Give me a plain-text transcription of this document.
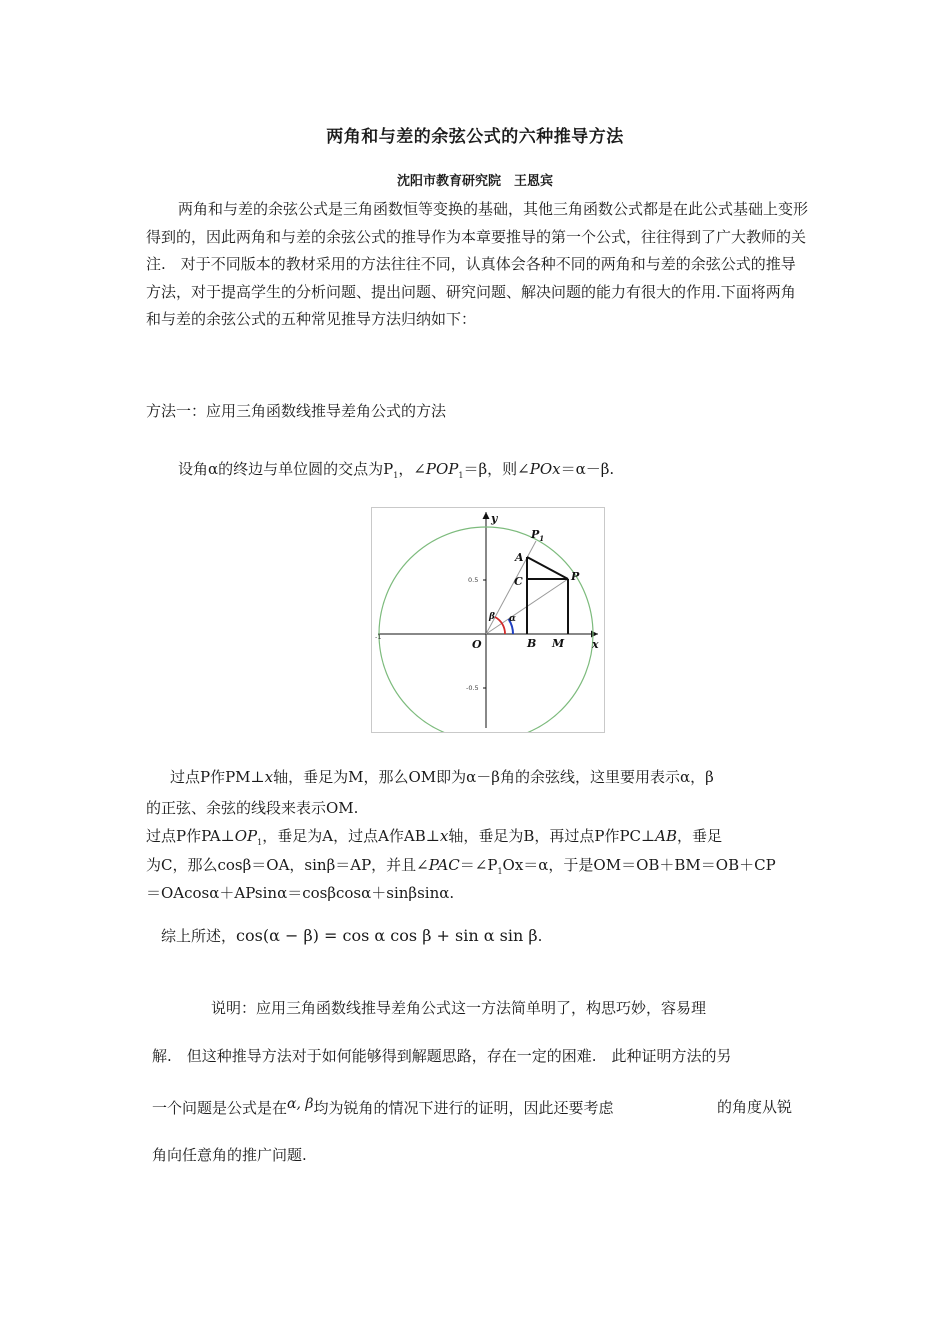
两角和与差的余弦公式的六种推导方法
沈阳市教育研究院　王恩宾
两角和与差的余弦公式是三角函数恒等变换的基础，其他三角函数公式都是在此公式基础上变形得到的，因此两角和与差的余弦公式的推导作为本章要推导的第一个公式，往往得到了广大教师的关注.　对于不同版本的教材采用的方法往往不同，认真体会各种不同的两角和与差的余弦公式的推导方法，对于提高学生的分析问题、提出问题、研究问题、解决问题的能力有很大的作用.下面将两角和与差的余弦公式的五种常见推导方法归纳如下：
方法一：应用三角函数线推导差角公式的方法
设角α的终边与单位圆的交点为$P_1$，$\angle POP_1=\beta$，则∠POx＝α－β.
y
x
O
$P_1$
A
C	P
B M
α
β
0.5
-0.5
-1
过点P作PM⊥x轴，垂足为M，那么OM即为α－β角的余弦线，这里要用表示α，β
的正弦、余弦的线段来表示OM.
过点P作$PA\perp OP_1$，垂足为A，过点A作AB⊥x轴，垂足为B，再过点P作PC⊥AB，垂足
为C，那么cosβ＝OA，sinβ＝AP，并且$\angle PAC=\angle P_1Ox=\alpha$，于是OM＝OB＋BM＝OB＋CP
＝OAcosα＋APsinα＝cosβcosα＋sinβsinα.
综上所述，cos(α − β) = cos α cos β + sin α sin β.
说明：应用三角函数线推导差角公式这一方法简单明了，构思巧妙，容易理
解.　但这种推导方法对于如何能够得到解题思路，存在一定的困难.　此种证明方法的另
一个问题是公式是在α, β均为锐角的情况下进行的证明，因此还要考虑	的角度从锐
角向任意角的推广问题.
